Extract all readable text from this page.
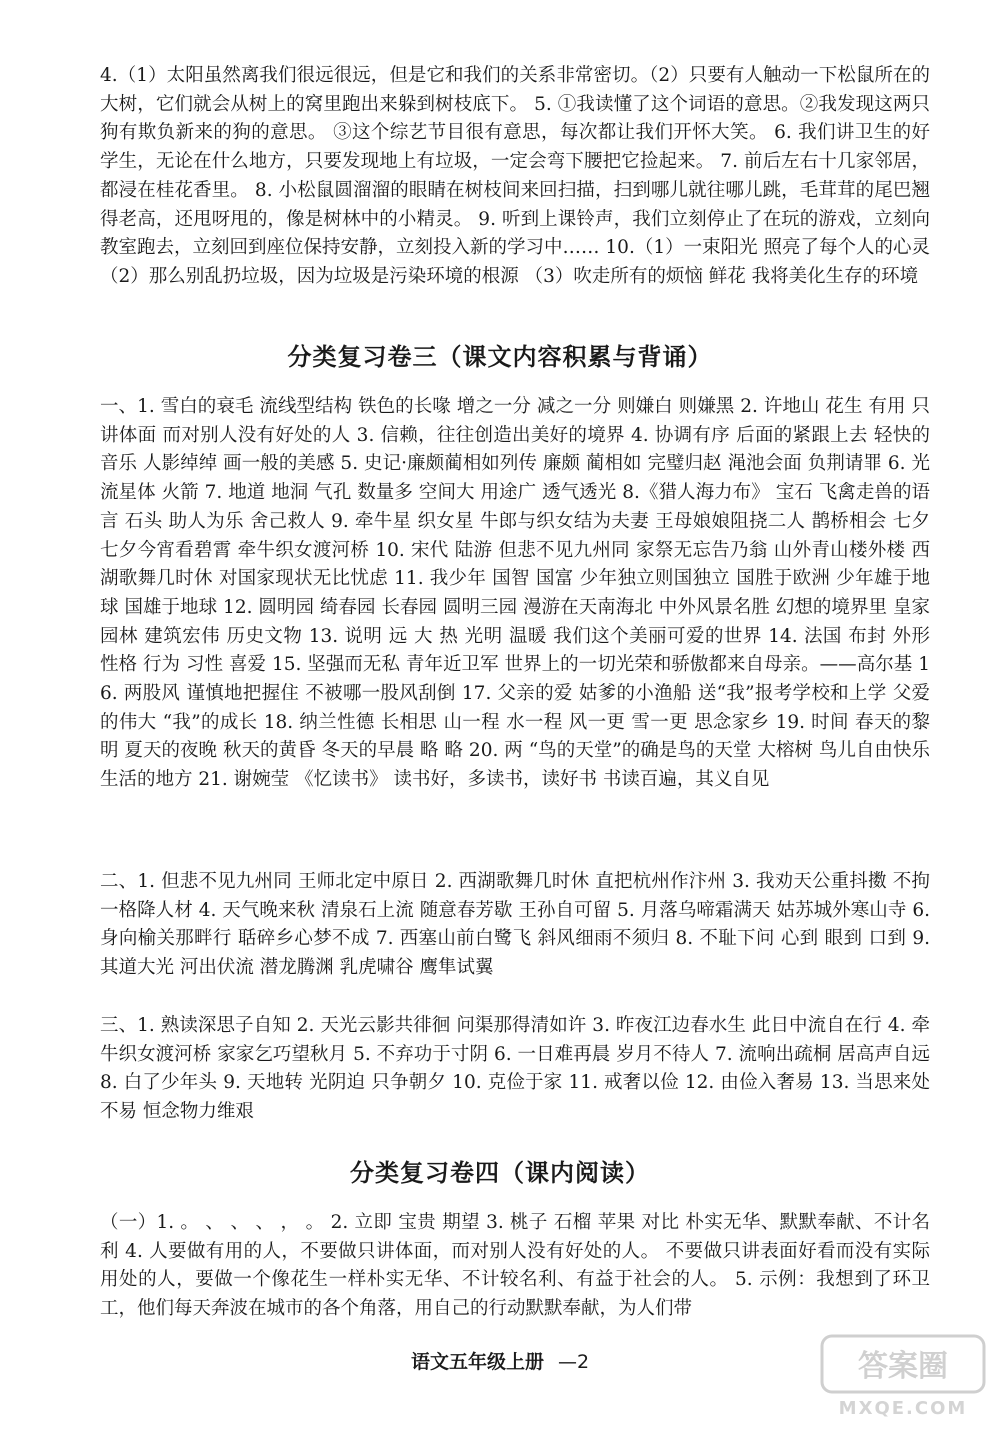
4.（1）太阳虽然离我们很远很远，但是它和我们的关系非常密切。（2）只要有人触动一下松鼠所在的大树，它们就会从树上的窝里跑出来躲到树枝底下。 5. ①我读懂了这个词语的意思。②我发现这两只狗有欺负新来的狗的意思。 ③这个综艺节目很有意思，每次都让我们开怀大笑。 6. 我们讲卫生的好学生，无论在什么地方，只要发现地上有垃圾，一定会弯下腰把它捡起来。 7. 前后左右十几家邻居，都浸在桂花香里。 8. 小松鼠圆溜溜的眼睛在树枝间来回扫描，扫到哪儿就往哪儿跳，毛茸茸的尾巴翘得老高，还甩呀甩的，像是树林中的小精灵。 9. 听到上课铃声，我们立刻停止了在玩的游戏，立刻向教室跑去，立刻回到座位保持安静，立刻投入新的学习中…… 10.（1）一束阳光 照亮了每个人的心灵 （2）那么别乱扔垃圾，因为垃圾是污染环境的根源 （3）吹走所有的烦恼 鲜花 我将美化生存的环境

分类复习卷三（课文内容积累与背诵）

一、1. 雪白的衰毛 流线型结构 铁色的长喙 增之一分 减之一分 则嫌白 则嫌黑 2. 许地山 花生 有用 只讲体面 而对别人没有好处的人 3. 信赖，往往创造出美好的境界 4. 协调有序 后面的紧跟上去 轻快的音乐 人影绰绰 画一般的美感 5. 史记·廉颇蔺相如列传 廉颇 蔺相如 完璧归赵 渑池会面 负荆请罪 6. 光 流星体 火箭 7. 地道 地洞 气孔 数量多 空间大 用途广 透气透光 8.《猎人海力布》 宝石 飞禽走兽的语言 石头 助人为乐 舍己救人 9. 牵牛星 织女星 牛郎与织女结为夫妻 王母娘娘阻挠二人 鹊桥相会 七夕 七夕今宵看碧霄 牵牛织女渡河桥 10. 宋代 陆游 但悲不见九州同 家祭无忘告乃翁 山外青山楼外楼 西湖歌舞几时休 对国家现状无比忧虑 11. 我少年 国智 国富 少年独立则国独立 国胜于欧洲 少年雄于地球 国雄于地球 12. 圆明园 绮春园 长春园 圆明三园 漫游在天南海北 中外风景名胜 幻想的境界里 皇家园林 建筑宏伟 历史文物 13. 说明 远 大 热 光明 温暖 我们这个美丽可爱的世界 14. 法国 布封 外形 性格 行为 习性 喜爱 15. 坚强而无私 青年近卫军 世界上的一切光荣和骄傲都来自母亲。——高尔基 16. 两股风 谨慎地把握住 不被哪一股风刮倒 17. 父亲的爱 姑爹的小渔船 送“我”报考学校和上学 父爱的伟大 “我”的成长 18. 纳兰性德 长相思 山一程 水一程 风一更 雪一更 思念家乡 19. 时间 春天的黎明 夏天的夜晚 秋天的黄昏 冬天的早晨 略 略 20. 两 “鸟的天堂”的确是鸟的天堂 大榕树 鸟儿自由快乐生活的地方 21. 谢婉莹 《忆读书》 读书好，多读书，读好书 书读百遍，其义自见

二、1. 但悲不见九州同 王师北定中原日 2. 西湖歌舞几时休 直把杭州作汴州 3. 我劝天公重抖擞 不拘一格降人材 4. 天气晚来秋 清泉石上流 随意春芳歇 王孙自可留 5. 月落乌啼霜满天 姑苏城外寒山寺 6. 身向榆关那畔行 聒碎乡心梦不成 7. 西塞山前白鹭飞 斜风细雨不须归 8. 不耻下问 心到 眼到 口到 9. 其道大光 河出伏流 潜龙腾渊 乳虎啸谷 鹰隼试翼

三、1. 熟读深思子自知 2. 天光云影共徘徊 问渠那得清如许 3. 昨夜江边春水生 此日中流自在行 4. 牵牛织女渡河桥 家家乞巧望秋月 5. 不弃功于寸阴 6. 一日难再晨 岁月不待人 7. 流响出疏桐 居高声自远 8. 白了少年头 9. 天地转 光阴迫 只争朝夕 10. 克俭于家 11. 戒奢以俭 12. 由俭入奢易 13. 当思来处不易 恒念物力维艰

分类复习卷四（课内阅读）

（一）1. 。 、 、 、 ， 。 2. 立即 宝贵 期望 3. 桃子 石榴 苹果 对比 朴实无华、默默奉献、不计名利 4. 人要做有用的人，不要做只讲体面，而对别人没有好处的人。 不要做只讲表面好看而没有实际用处的人，要做一个像花生一样朴实无华、不计较名利、有益于社会的人。 5. 示例：我想到了环卫工，他们每天奔波在城市的各个角落，用自己的行动默默奉献，为人们带

语文五年级上册 —2	答案圈
MXQE.COM
